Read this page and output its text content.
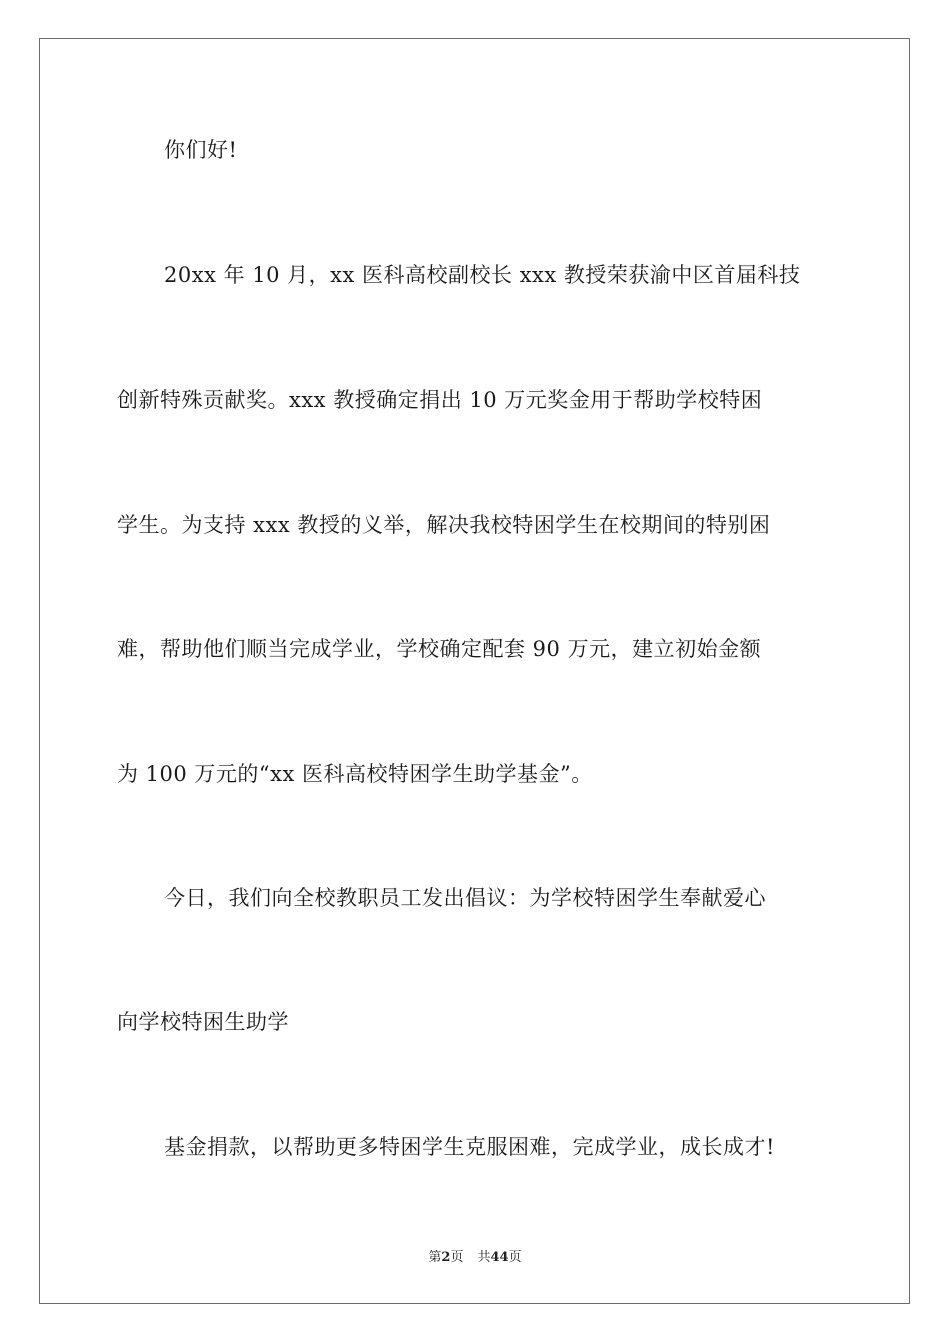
你们好!
20xx 年 10 月，xx 医科高校副校长 xxx 教授荣获渝中区首届科技
创新特殊贡献奖。xxx 教授确定捐出 10 万元奖金用于帮助学校特困
学生。为支持 xxx 教授的义举，解决我校特困学生在校期间的特别困
难，帮助他们顺当完成学业，学校确定配套 90 万元，建立初始金额
为 100 万元的“xx 医科高校特困学生助学基金”。
今日，我们向全校教职员工发出倡议：为学校特困学生奉献爱心
向学校特困生助学
基金捐款，以帮助更多特困学生克服困难，完成学业，成长成才!
第2页 共44页
